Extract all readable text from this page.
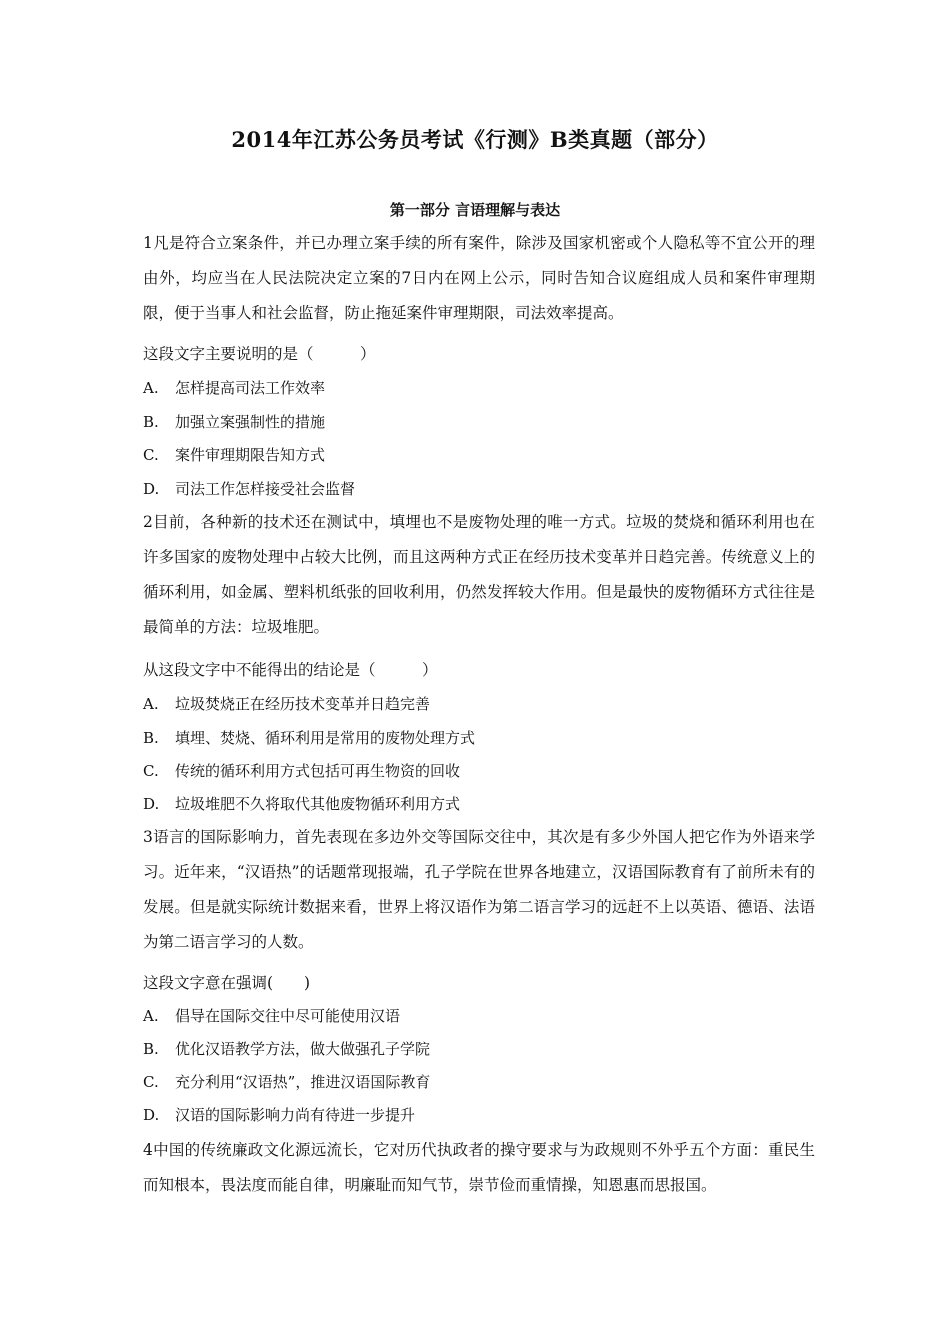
2014年江苏公务员考试《行测》B类真题（部分）
第一部分 言语理解与表达
1凡是符合立案条件，并已办理立案手续的所有案件，除涉及国家机密或个人隐私等不宜公开的理由外，均应当在人民法院决定立案的7日内在网上公示，同时告知合议庭组成人员和案件审理期限，便于当事人和社会监督，防止拖延案件审理期限，司法效率提高。
这段文字主要说明的是（　　　）
A. 怎样提高司法工作效率
B. 加强立案强制性的措施
C. 案件审理期限告知方式
D. 司法工作怎样接受社会监督
2目前，各种新的技术还在测试中，填埋也不是废物处理的唯一方式。垃圾的焚烧和循环利用也在许多国家的废物处理中占较大比例，而且这两种方式正在经历技术变革并日趋完善。传统意义上的循环利用，如金属、塑料机纸张的回收利用，仍然发挥较大作用。但是最快的废物循环方式往往是最简单的方法：垃圾堆肥。
从这段文字中不能得出的结论是（　　　）
A. 垃圾焚烧正在经历技术变革并日趋完善
B. 填埋、焚烧、循环利用是常用的废物处理方式
C. 传统的循环利用方式包括可再生物资的回收
D. 垃圾堆肥不久将取代其他废物循环利用方式
3语言的国际影响力，首先表现在多边外交等国际交往中，其次是有多少外国人把它作为外语来学习。近年来，“汉语热”的话题常现报端，孔子学院在世界各地建立，汉语国际教育有了前所未有的发展。但是就实际统计数据来看，世界上将汉语作为第二语言学习的远赶不上以英语、德语、法语为第二语言学习的人数。
这段文字意在强调(　　)
A. 倡导在国际交往中尽可能使用汉语
B. 优化汉语教学方法，做大做强孔子学院
C. 充分利用“汉语热”，推进汉语国际教育
D. 汉语的国际影响力尚有待进一步提升
4中国的传统廉政文化源远流长，它对历代执政者的操守要求与为政规则不外乎五个方面：重民生而知根本，畏法度而能自律，明廉耻而知气节，崇节俭而重情操，知恩惠而思报国。
